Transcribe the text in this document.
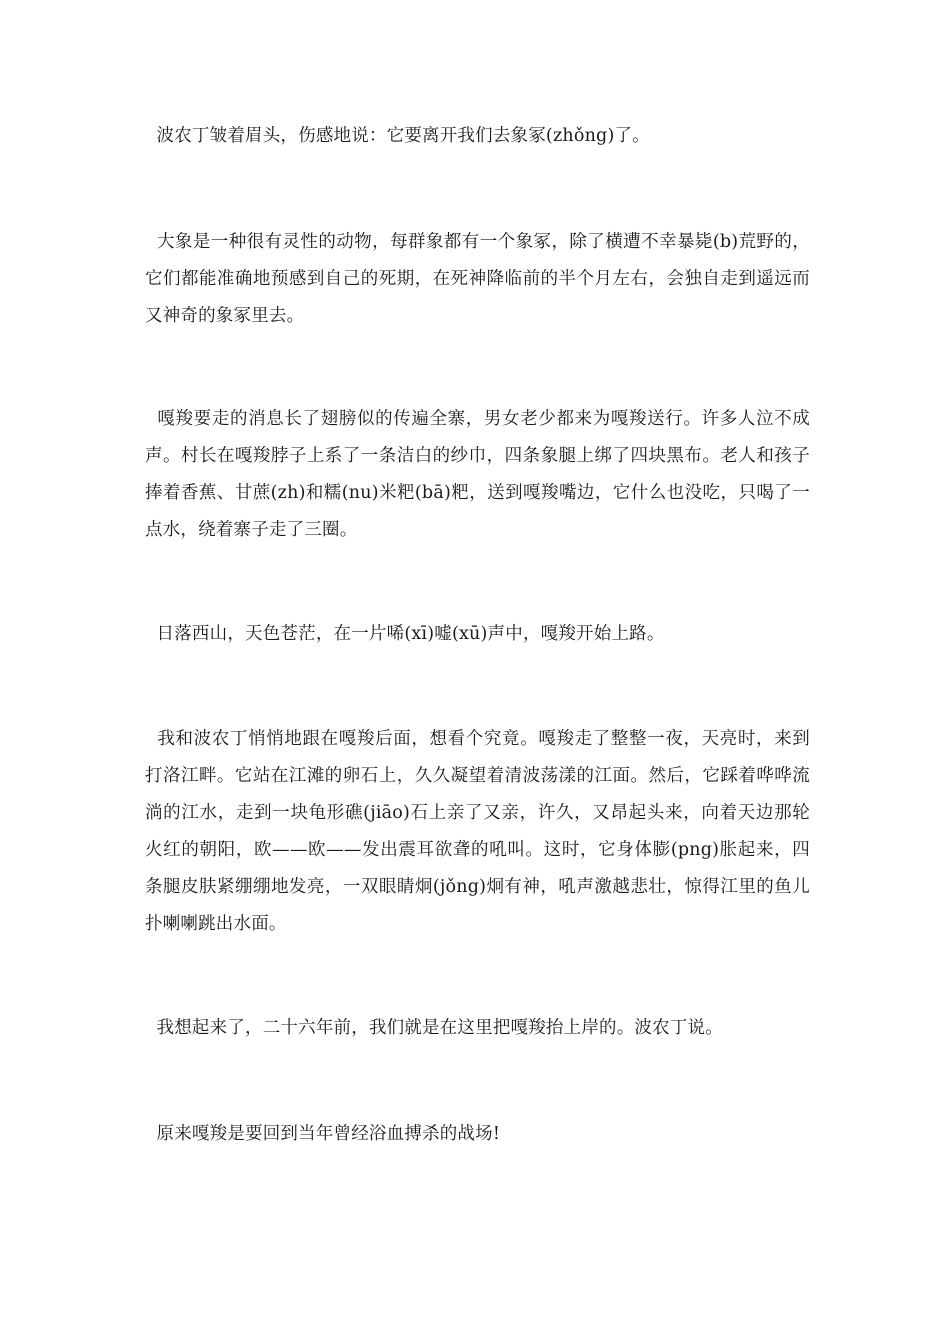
波农丁皱着眉头，伤感地说：它要离开我们去象冢(zhǒng)了。

大象是一种很有灵性的动物，每群象都有一个象冢，除了横遭不幸暴毙(b)荒野的，它们都能准确地预感到自己的死期，在死神降临前的半个月左右，会独自走到遥远而又神奇的象冢里去。

嘎羧要走的消息长了翅膀似的传遍全寨，男女老少都来为嘎羧送行。许多人泣不成声。村长在嘎羧脖子上系了一条洁白的纱巾，四条象腿上绑了四块黑布。老人和孩子捧着香蕉、甘蔗(zh)和糯(nu)米粑(bā)粑，送到嘎羧嘴边，它什么也没吃，只喝了一点水，绕着寨子走了三圈。

日落西山，天色苍茫，在一片唏(xī)嘘(xū)声中，嘎羧开始上路。

我和波农丁悄悄地跟在嘎羧后面，想看个究竟。嘎羧走了整整一夜，天亮时，来到打洛江畔。它站在江滩的卵石上，久久凝望着清波荡漾的江面。然后，它踩着哗哗流淌的江水，走到一块龟形礁(jiāo)石上亲了又亲，许久，又昂起头来，向着天边那轮火红的朝阳，欧——欧——发出震耳欲聋的吼叫。这时，它身体膨(png)胀起来，四条腿皮肤紧绷绷地发亮，一双眼睛炯(jǒng)炯有神，吼声激越悲壮，惊得江里的鱼儿扑喇喇跳出水面。

我想起来了，二十六年前，我们就是在这里把嘎羧抬上岸的。波农丁说。

原来嘎羧是要回到当年曾经浴血搏杀的战场!
